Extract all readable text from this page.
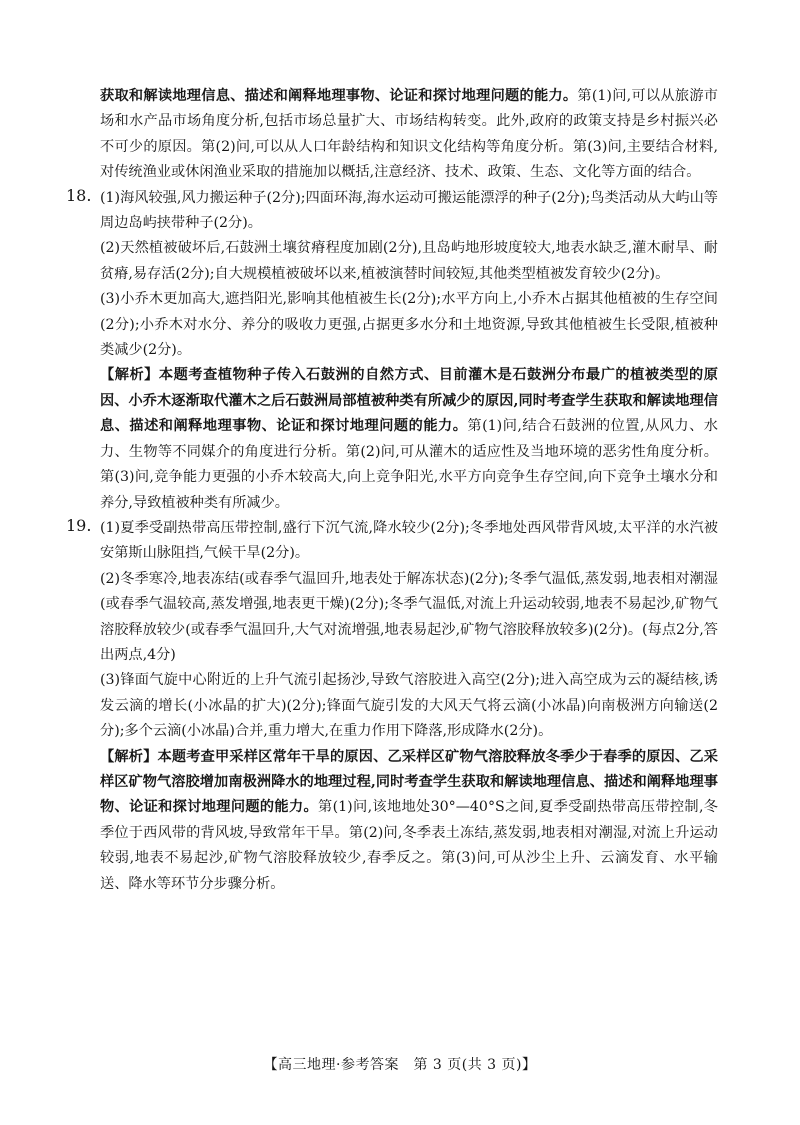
获取和解读地理信息、描述和阐释地理事物、论证和探讨地理问题的能力。第(1)问,可以从旅游市场和水产品市场角度分析,包括市场总量扩大、市场结构转变。此外,政府的政策支持是乡村振兴必不可少的原因。第(2)问,可以从人口年龄结构和知识文化结构等角度分析。第(3)问,主要结合材料,对传统渔业或休闲渔业采取的措施加以概括,注意经济、技术、政策、生态、文化等方面的结合。

18. (1)海风较强,风力搬运种子(2分);四面环海,海水运动可搬运能漂浮的种子(2分);鸟类活动从大屿山等周边岛屿挟带种子(2分)。

(2)天然植被破坏后,石鼓洲土壤贫瘠程度加剧(2分),且岛屿地形坡度较大,地表水缺乏,灌木耐旱、耐贫瘠,易存活(2分);自大规模植被破坏以来,植被演替时间较短,其他类型植被发育较少(2分)。

(3)小乔木更加高大,遮挡阳光,影响其他植被生长(2分);水平方向上,小乔木占据其他植被的生存空间(2分);小乔木对水分、养分的吸收力更强,占据更多水分和土地资源,导致其他植被生长受限,植被种类减少(2分)。

【解析】本题考查植物种子传入石鼓洲的自然方式、目前灌木是石鼓洲分布最广的植被类型的原因、小乔木逐渐取代灌木之后石鼓洲局部植被种类有所减少的原因,同时考查学生获取和解读地理信息、描述和阐释地理事物、论证和探讨地理问题的能力。第(1)问,结合石鼓洲的位置,从风力、水力、生物等不同媒介的角度进行分析。第(2)问,可从灌木的适应性及当地环境的恶劣性角度分析。第(3)问,竞争能力更强的小乔木较高大,向上竞争阳光,水平方向竞争生存空间,向下竞争土壤水分和养分,导致植被种类有所减少。

19. (1)夏季受副热带高压带控制,盛行下沉气流,降水较少(2分);冬季地处西风带背风坡,太平洋的水汽被安第斯山脉阻挡,气候干旱(2分)。

(2)冬季寒冷,地表冻结(或春季气温回升,地表处于解冻状态)(2分);冬季气温低,蒸发弱,地表相对潮湿(或春季气温较高,蒸发增强,地表更干燥)(2分);冬季气温低,对流上升运动较弱,地表不易起沙,矿物气溶胶释放较少(或春季气温回升,大气对流增强,地表易起沙,矿物气溶胶释放较多)(2分)。(每点2分,答出两点,4分)

(3)锋面气旋中心附近的上升气流引起扬沙,导致气溶胶进入高空(2分);进入高空成为云的凝结核,诱发云滴的增长(小冰晶的扩大)(2分);锋面气旋引发的大风天气将云滴(小冰晶)向南极洲方向输送(2分);多个云滴(小冰晶)合并,重力增大,在重力作用下降落,形成降水(2分)。

【解析】本题考查甲采样区常年干旱的原因、乙采样区矿物气溶胶释放冬季少于春季的原因、乙采样区矿物气溶胶增加南极洲降水的地理过程,同时考查学生获取和解读地理信息、描述和阐释地理事物、论证和探讨地理问题的能力。第(1)问,该地地处30°—40°S之间,夏季受副热带高压带控制,冬季位于西风带的背风坡,导致常年干旱。第(2)问,冬季表土冻结,蒸发弱,地表相对潮湿,对流上升运动较弱,地表不易起沙,矿物气溶胶释放较少,春季反之。第(3)问,可从沙尘上升、云滴发育、水平输送、降水等环节分步骤分析。

【高三地理·参考答案　第 3 页(共 3 页)】
